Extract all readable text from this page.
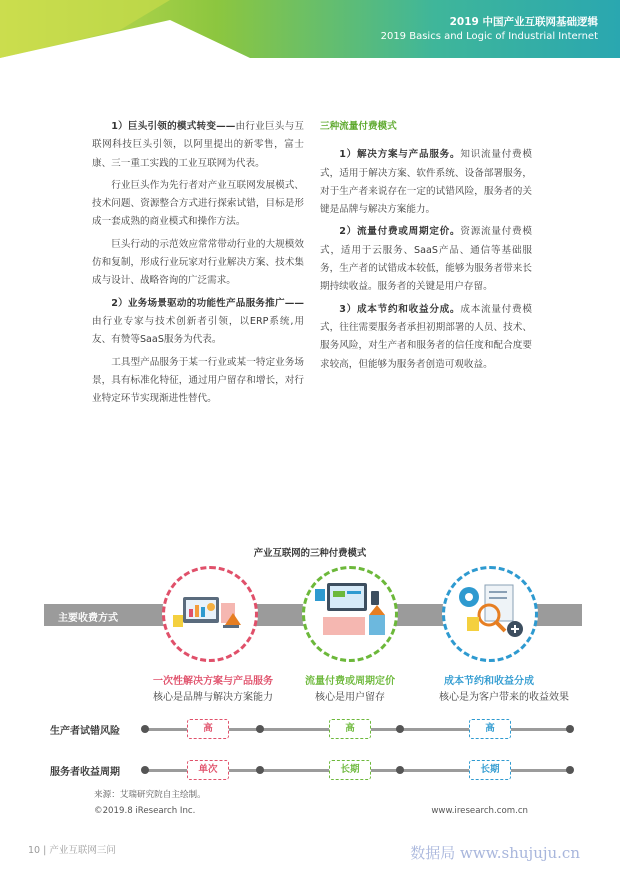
2019 中国产业互联网基础逻辑
2019 Basics and Logic of Industrial Internet

1）巨头引领的模式转变——由行业巨头与互联网科技巨头引领，以阿里提出的新零售，富士康、三一重工实践的工业互联网为代表。

行业巨头作为先行者对产业互联网发展模式、技术问题、资源整合方式进行探索试错，目标是形成一套成熟的商业模式和操作方法。

巨头行动的示范效应常常带动行业的大规模效仿和复制，形成行业玩家对行业解决方案、技术集成与设计、战略咨询的广泛需求。

2）业务场景驱动的功能性产品服务推广——由行业专家与技术创新者引领，以ERP系统,用友、有赞等SaaS服务为代表。

工具型产品服务于某一行业或某一特定业务场景，具有标准化特征，通过用户留存和增长，对行业特定环节实现渐进性替代。

三种流量付费模式

1）解决方案与产品服务。知识流量付费模式，适用于解决方案、软件系统、设备部署服务，对于生产者来说存在一定的试错风险，服务者的关键是品牌与解决方案能力。

2）流量付费或周期定价。资源流量付费模式，适用于云服务、SaaS产品、通信等基础服务，生产者的试错成本较低，能够为服务者带来长期持续收益。服务者的关键是用户存留。

3）成本节约和收益分成。成本流量付费模式，往往需要服务者承担初期部署的人员、技术、服务风险，对生产者和服务者的信任度和配合度要求较高，但能够为服务者创造可观收益。

产业互联网的三种付费模式
主要收费方式
一次性解决方案与产品服务
核心是品牌与解决方案能力
流量付费或周期定价
核心是用户留存
成本节约和收益分成
核心是为客户带来的收益效果
生产者试错风险	高	高	高
服务者收益周期	单次	长期	长期
来源：艾瑞研究院自主绘制。
©2019.8 iResearch Inc.	www.iresearch.com.cn
10 | 产业互联网三问	数据局 www.shujuju.cn
